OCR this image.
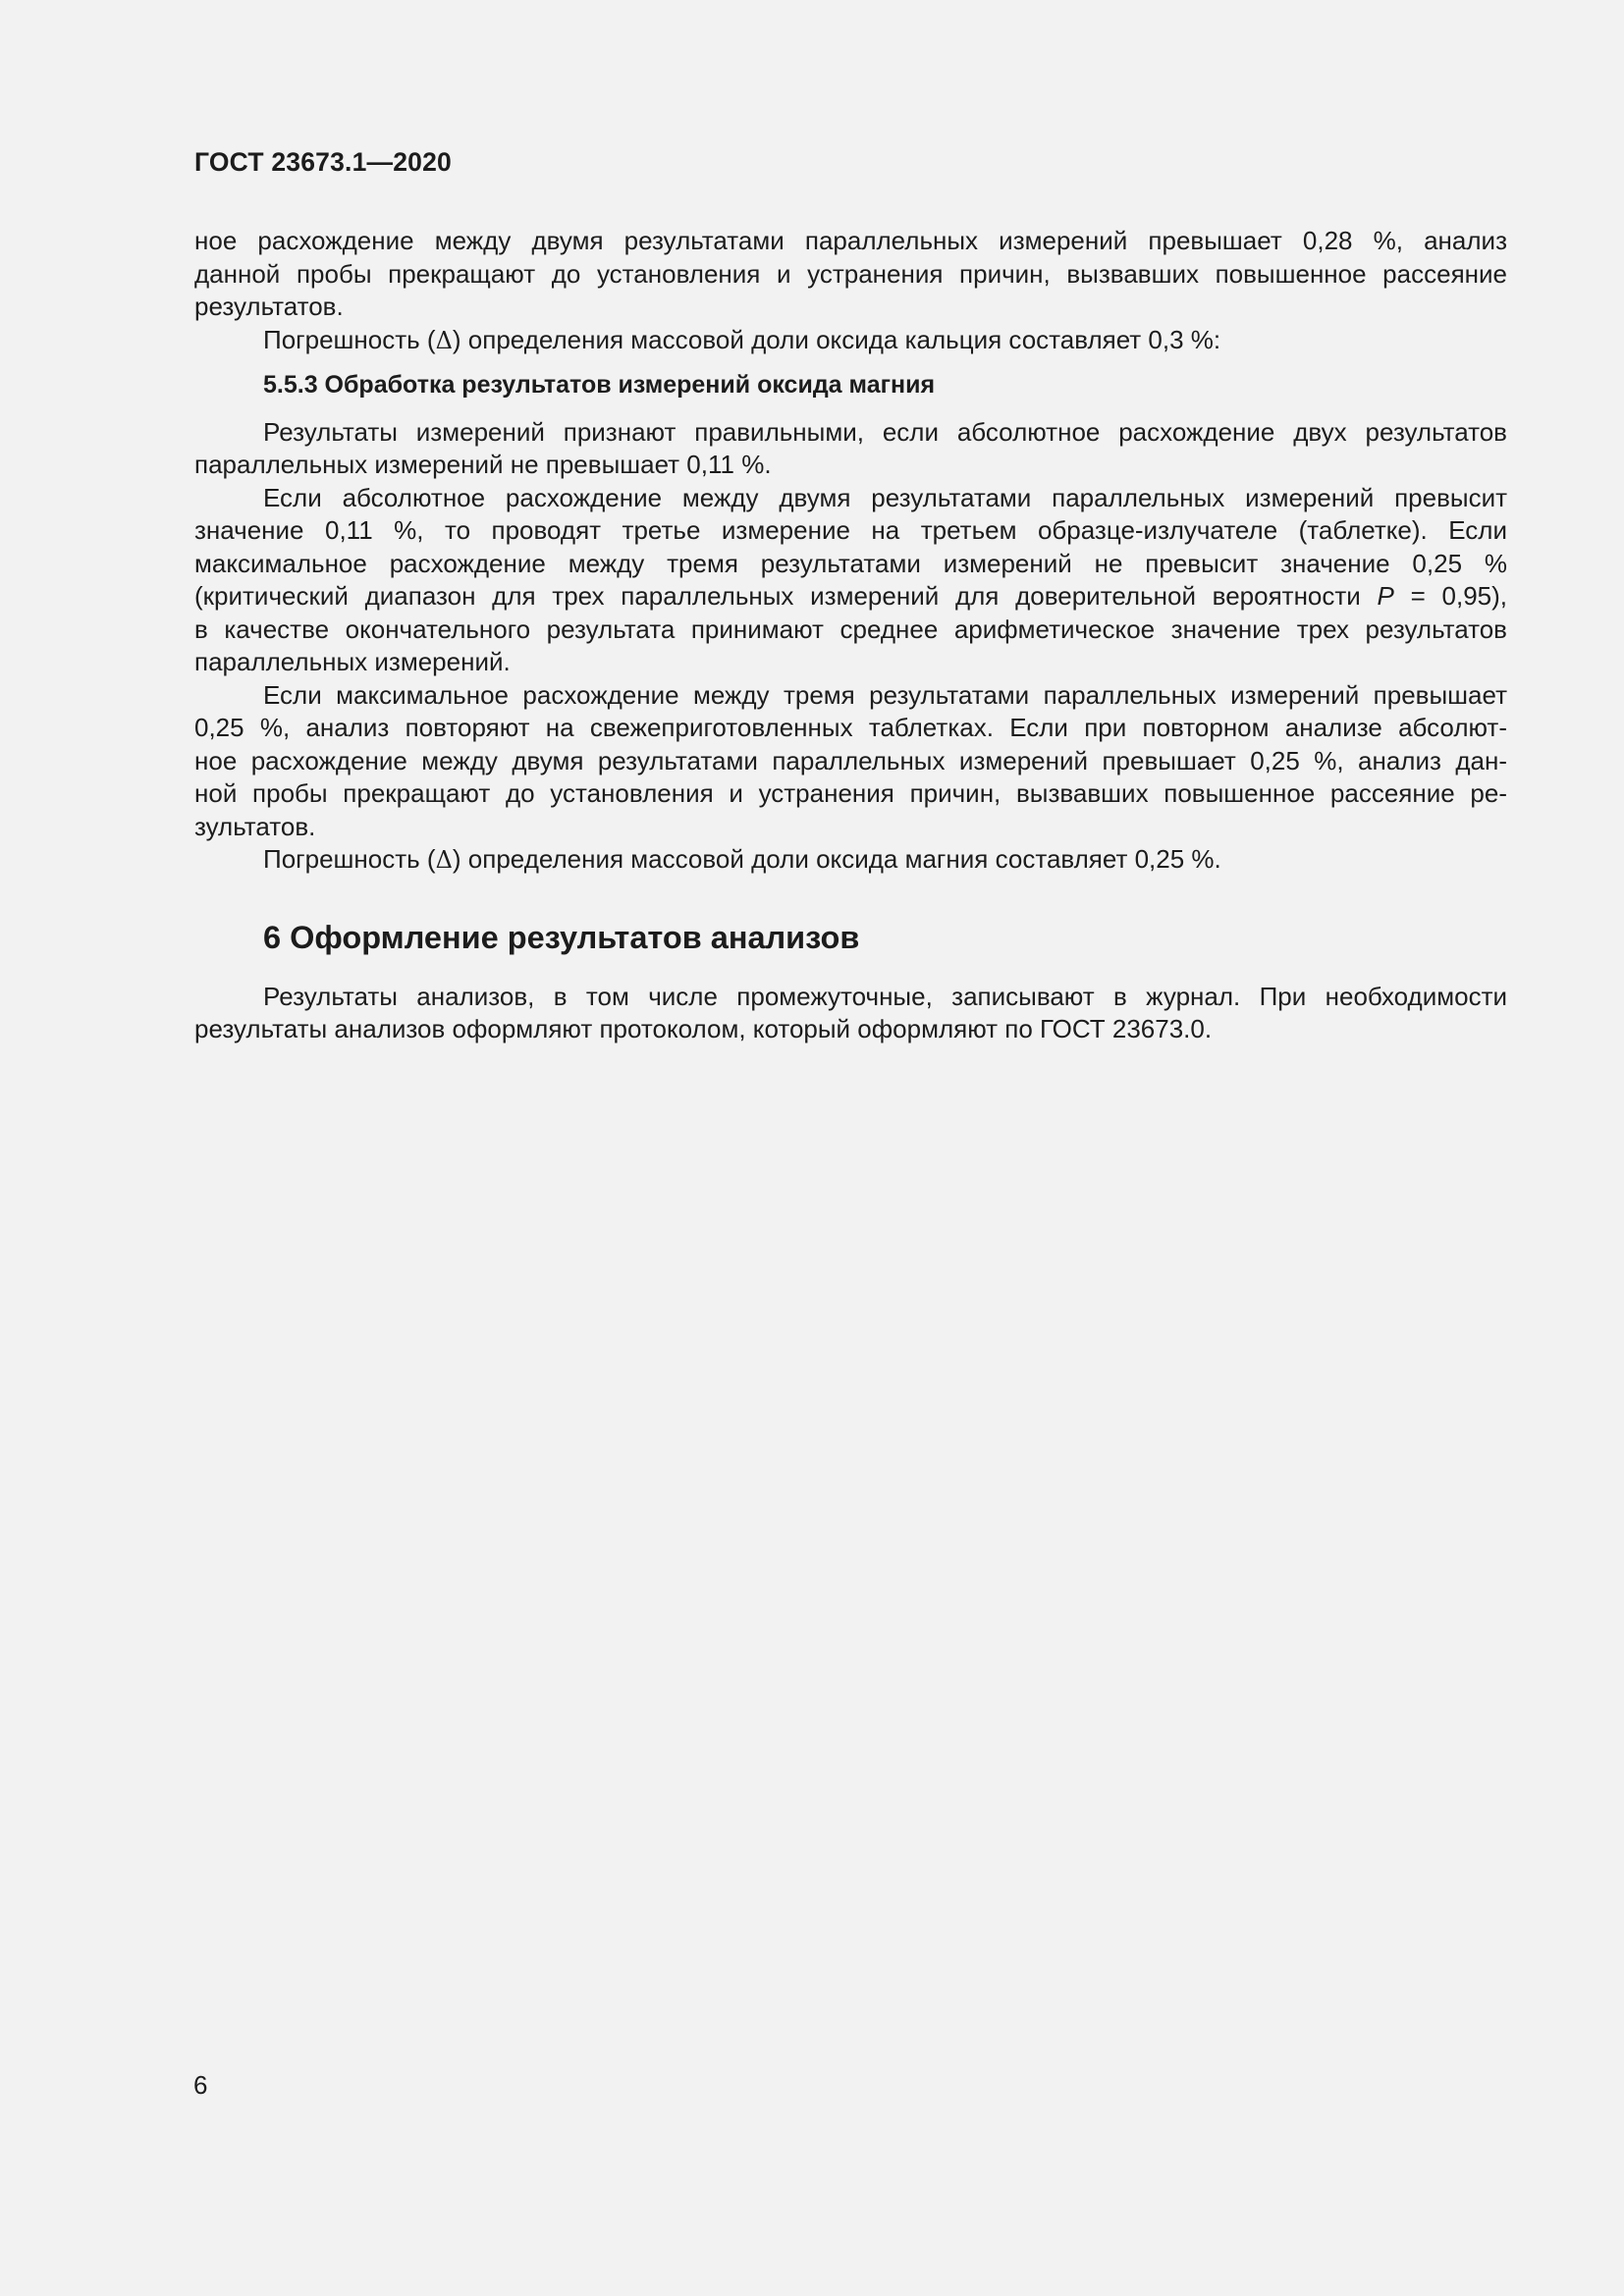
ГОСТ 23673.1—2020
ное расхождение между двумя результатами параллельных измерений превышает 0,28 %, анализ
данной пробы прекращают до установления и устранения причин, вызвавших повышенное рассеяние
результатов.
Погрешность (Δ) определения массовой доли оксида кальция составляет 0,3 %:
5.5.3 Обработка результатов измерений оксида магния
Результаты измерений признают правильными, если абсолютное расхождение двух результатов
параллельных измерений не превышает 0,11 %.
Если абсолютное расхождение между двумя результатами параллельных измерений превысит
значение 0,11 %, то проводят третье измерение на третьем образце-излучателе (таблетке). Если
максимальное расхождение между тремя результатами измерений не превысит значение 0,25 %
(критический диапазон для трех параллельных измерений для доверительной вероятности P = 0,95),
в качестве окончательного результата принимают среднее арифметическое значение трех результатов
параллельных измерений.
Если максимальное расхождение между тремя результатами параллельных измерений превышает
0,25 %, анализ повторяют на свежеприготовленных таблетках. Если при повторном анализе абсолют-
ное расхождение между двумя результатами параллельных измерений превышает 0,25 %, анализ дан-
ной пробы прекращают до установления и устранения причин, вызвавших повышенное рассеяние ре-
зультатов.
Погрешность (Δ) определения массовой доли оксида магния составляет 0,25 %.
6 Оформление результатов анализов
Результаты анализов, в том числе промежуточные, записывают в журнал. При необходимости
результаты анализов оформляют протоколом, который оформляют по ГОСТ 23673.0.
6
